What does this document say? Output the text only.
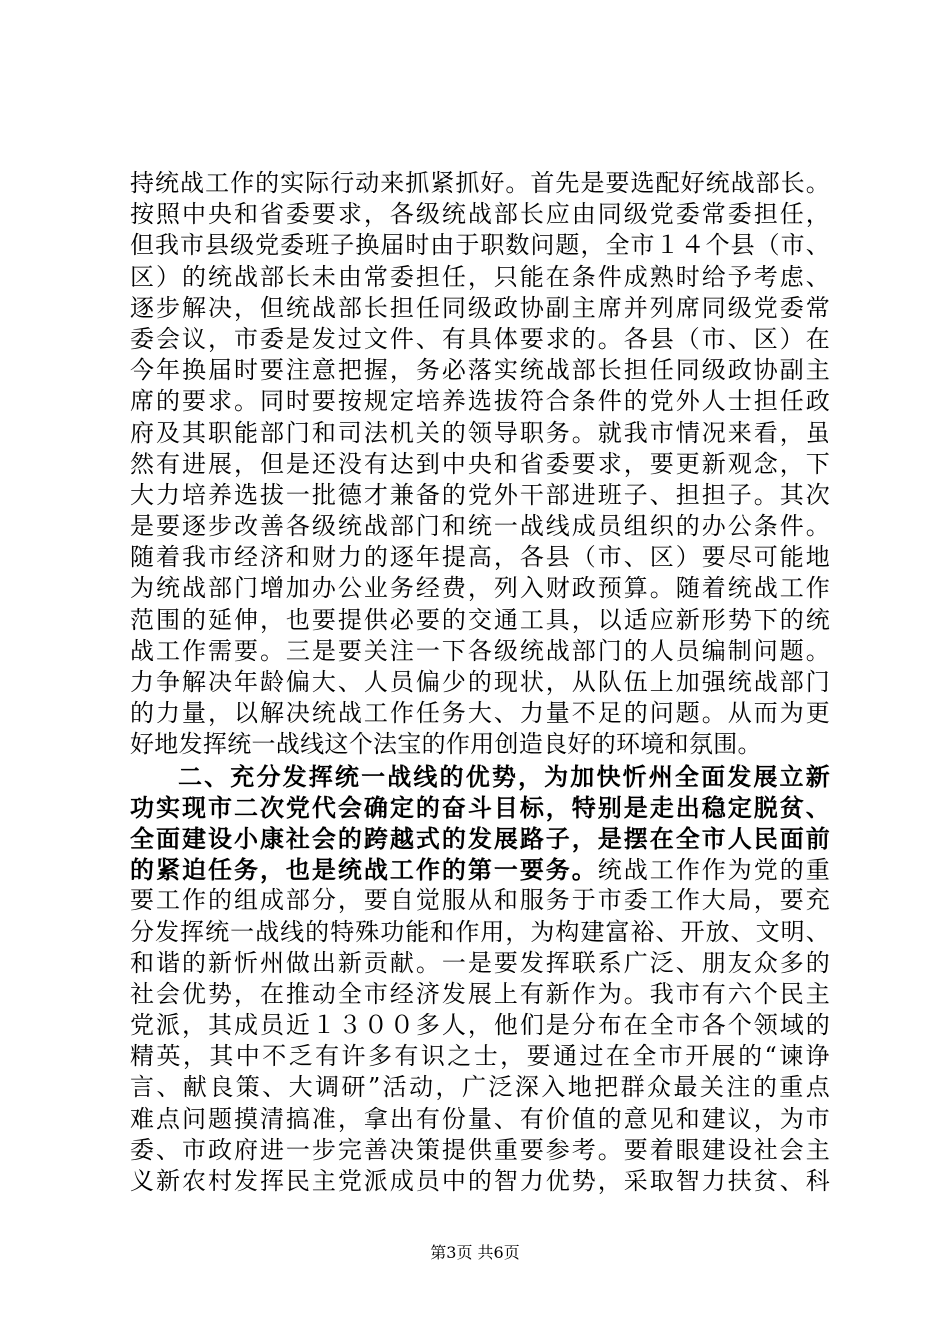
持统战工作的实际行动来抓紧抓好。首先是要选配好统战部长。
按照中央和省委要求，各级统战部长应由同级党委常委担任，
但我市县级党委班子换届时由于职数问题，全市１４个县（市、
区）的统战部长未由常委担任，只能在条件成熟时给予考虑、
逐步解决，但统战部长担任同级政协副主席并列席同级党委常
委会议，市委是发过文件、有具体要求的。各县（市、区）在
今年换届时要注意把握，务必落实统战部长担任同级政协副主
席的要求。同时要按规定培养选拔符合条件的党外人士担任政
府及其职能部门和司法机关的领导职务。就我市情况来看，虽
然有进展，但是还没有达到中央和省委要求，要更新观念，下
大力培养选拔一批德才兼备的党外干部进班子、担担子。其次
是要逐步改善各级统战部门和统一战线成员组织的办公条件。
随着我市经济和财力的逐年提高，各县（市、区）要尽可能地
为统战部门增加办公业务经费，列入财政预算。随着统战工作
范围的延伸，也要提供必要的交通工具，以适应新形势下的统
战工作需要。三是要关注一下各级统战部门的人员编制问题。
力争解决年龄偏大、人员偏少的现状，从队伍上加强统战部门
的力量，以解决统战工作任务大、力量不足的问题。从而为更
好地发挥统一战线这个法宝的作用创造良好的环境和氛围。
二、充分发挥统一战线的优势，为加快忻州全面发展立新
功实现市二次党代会确定的奋斗目标，特别是走出稳定脱贫、
全面建设小康社会的跨越式的发展路子，是摆在全市人民面前
的紧迫任务，也是统战工作的第一要务。统战工作作为党的重
要工作的组成部分，要自觉服从和服务于市委工作大局，要充
分发挥统一战线的特殊功能和作用，为构建富裕、开放、文明、
和谐的新忻州做出新贡献。一是要发挥联系广泛、朋友众多的
社会优势，在推动全市经济发展上有新作为。我市有六个民主
党派，其成员近１３００多人，他们是分布在全市各个领域的
精英，其中不乏有许多有识之士，要通过在全市开展的“谏诤
言、献良策、大调研”活动，广泛深入地把群众最关注的重点
难点问题摸清搞准，拿出有份量、有价值的意见和建议，为市
委、市政府进一步完善决策提供重要参考。要着眼建设社会主
义新农村发挥民主党派成员中的智力优势，采取智力扶贫、科
第3页 共6页
